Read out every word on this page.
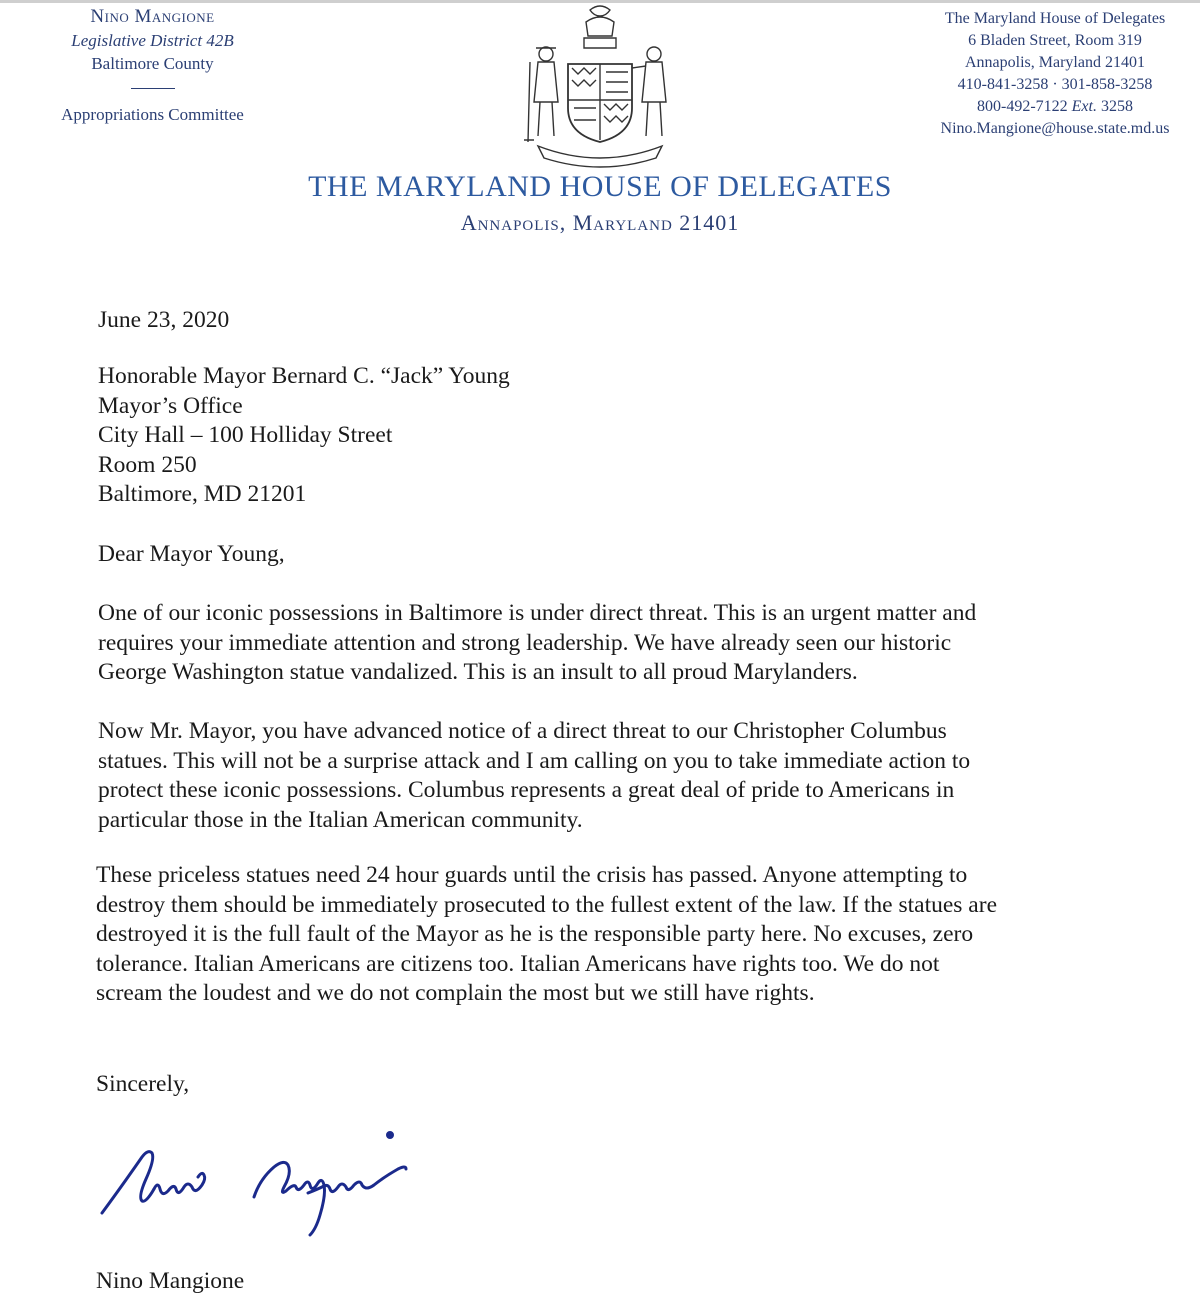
Nino Mangione
Legislative District 42B
Baltimore County
Appropriations Committee
The Maryland House of Delegates
6 Bladen Street, Room 319
Annapolis, Maryland 21401
410-841-3258 · 301-858-3258
800-492-7122 Ext. 3258
Nino.Mangione@house.state.md.us
THE MARYLAND HOUSE OF DELEGATES
Annapolis, Maryland 21401
June 23, 2020
Honorable Mayor Bernard C. “Jack” Young
Mayor’s Office
City Hall – 100 Holliday Street
Room 250
Baltimore, MD 21201
Dear Mayor Young,
One of our iconic possessions in Baltimore is under direct threat. This is an urgent matter and
requires your immediate attention and strong leadership. We have already seen our historic
George Washington statue vandalized. This is an insult to all proud Marylanders.
Now Mr. Mayor, you have advanced notice of a direct threat to our Christopher Columbus
statues. This will not be a surprise attack and I am calling on you to take immediate action to
protect these iconic possessions. Columbus represents a great deal of pride to Americans in
particular those in the Italian American community.
These priceless statues need 24 hour guards until the crisis has passed. Anyone attempting to
destroy them should be immediately prosecuted to the fullest extent of the law. If the statues are
destroyed it is the full fault of the Mayor as he is the responsible party here. No excuses, zero
tolerance. Italian Americans are citizens too. Italian Americans have rights too. We do not
scream the loudest and we do not complain the most but we still have rights.
Sincerely,
Nino Mangione
